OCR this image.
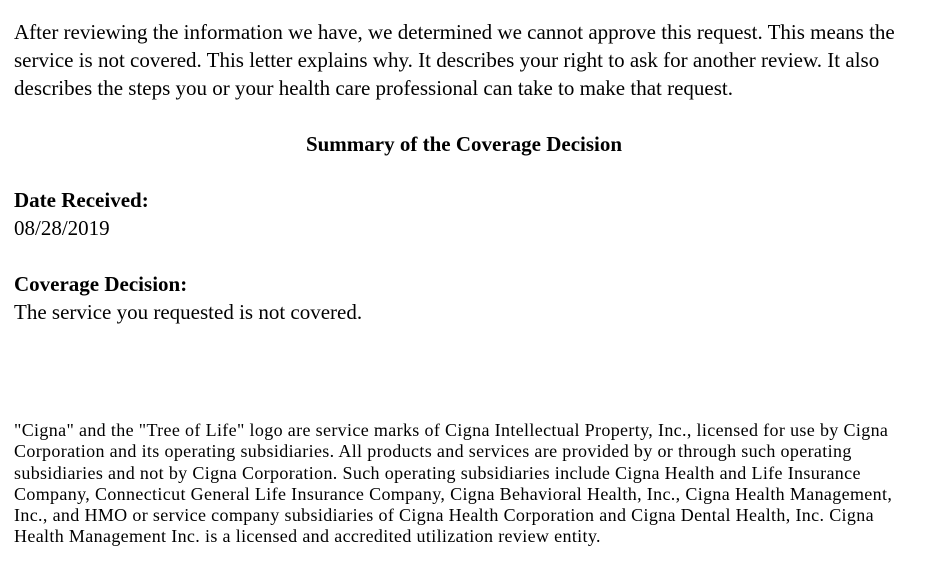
After reviewing the information we have, we determined we cannot approve this request. This means the service is not covered. This letter explains why. It describes your right to ask for another review. It also describes the steps you or your health care professional can take to make that request.

Summary of the Coverage Decision
Date Received:
08/28/2019
Coverage Decision:
The service you requested is not covered.

"Cigna" and the "Tree of Life" logo are service marks of Cigna Intellectual Property, Inc., licensed for use by Cigna Corporation and its operating subsidiaries. All products and services are provided by or through such operating subsidiaries and not by Cigna Corporation. Such operating subsidiaries include Cigna Health and Life Insurance Company, Connecticut General Life Insurance Company, Cigna Behavioral Health, Inc., Cigna Health Management, Inc., and HMO or service company subsidiaries of Cigna Health Corporation and Cigna Dental Health, Inc. Cigna Health Management Inc. is a licensed and accredited utilization review entity.
